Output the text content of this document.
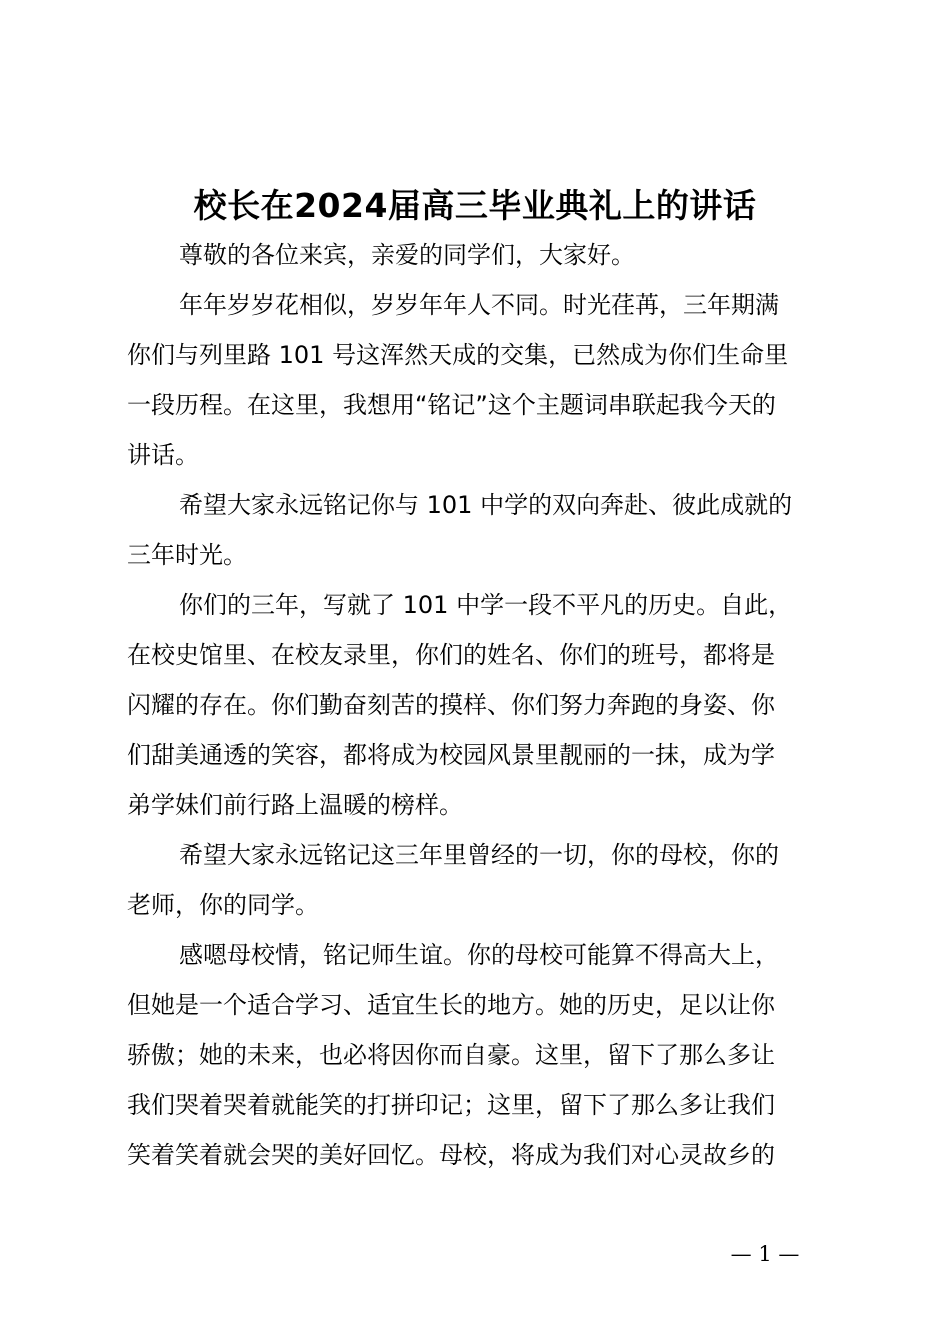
校长在2024届高三毕业典礼上的讲话

尊敬的各位来宾，亲爱的同学们，大家好。

年年岁岁花相似，岁岁年年人不同。时光荏苒，三年期满

你们与列里路 101 号这浑然天成的交集，已然成为你们生命里

一段历程。在这里，我想用“铭记”这个主题词串联起我今天的

讲话。

希望大家永远铭记你与 101 中学的双向奔赴、彼此成就的

三年时光。

你们的三年，写就了 101 中学一段不平凡的历史。自此，

在校史馆里、在校友录里，你们的姓名、你们的班号，都将是

闪耀的存在。你们勤奋刻苦的摸样、你们努力奔跑的身姿、你

们甜美通透的笑容，都将成为校园风景里靓丽的一抹，成为学

弟学妹们前行路上温暖的榜样。

希望大家永远铭记这三年里曾经的一切，你的母校，你的

老师，你的同学。

感嗯母校情，铭记师生谊。你的母校可能算不得高大上，

但她是一个适合学习、适宜生长的地方。她的历史，足以让你

骄傲；她的未来，也必将因你而自豪。这里，留下了那么多让

我们哭着哭着就能笑的打拼印记；这里，留下了那么多让我们

笑着笑着就会哭的美好回忆。母校，将成为我们对心灵故乡的

— 1 —
